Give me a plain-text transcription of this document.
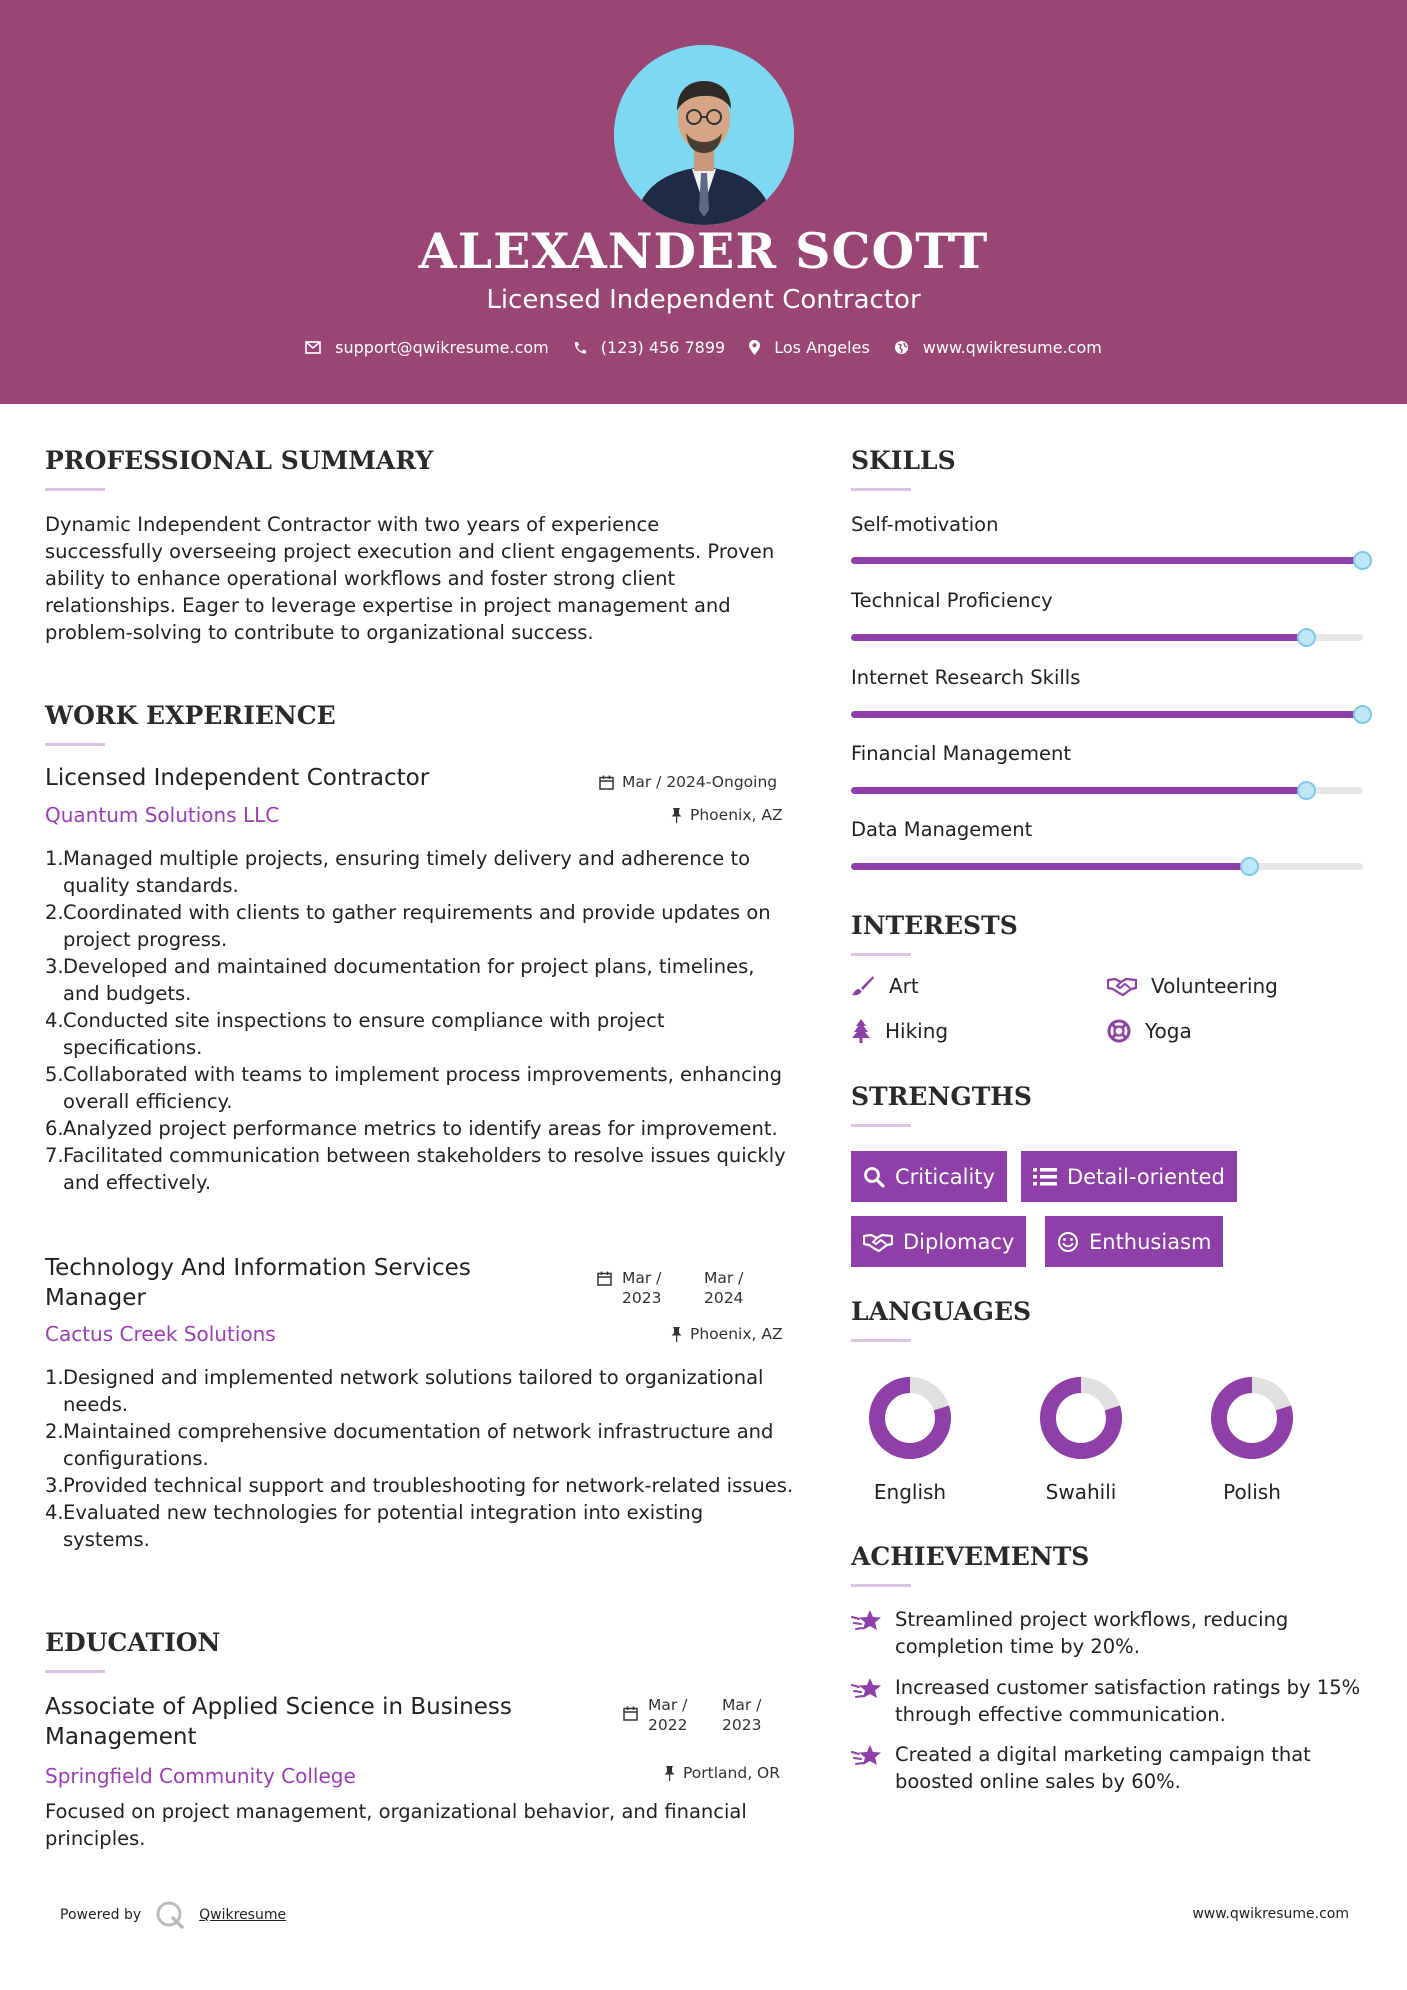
ALEXANDER SCOTT
Licensed Independent Contractor
support@qwikresume.com	(123) 456 7899	Los Angeles	www.qwikresume.com
PROFESSIONAL SUMMARY
Dynamic Independent Contractor with two years of experience successfully overseeing project execution and client engagements. Proven ability to enhance operational workflows and foster strong client relationships. Eager to leverage expertise in project management and problem-solving to contribute to organizational success.
WORK EXPERIENCE
Licensed Independent Contractor	Mar / 2024-Ongoing
Quantum Solutions LLC	Phoenix, AZ
1. Managed multiple projects, ensuring timely delivery and adherence to quality standards.
2. Coordinated with clients to gather requirements and provide updates on project progress.
3. Developed and maintained documentation for project plans, timelines, and budgets.
4. Conducted site inspections to ensure compliance with project specifications.
5. Collaborated with teams to implement process improvements, enhancing overall efficiency.
6. Analyzed project performance metrics to identify areas for improvement.
7. Facilitated communication between stakeholders to resolve issues quickly and effectively.
Technology And Information Services Manager
Mar /
2023
Mar /
2024
Cactus Creek Solutions	Phoenix, AZ
1. Designed and implemented network solutions tailored to organizational needs.
2. Maintained comprehensive documentation of network infrastructure and configurations.
3. Provided technical support and troubleshooting for network-related issues.
4. Evaluated new technologies for potential integration into existing systems.
EDUCATION
Associate of Applied Science in Business Management
Mar /
2022
Mar /
2023
Springfield Community College	Portland, OR
Focused on project management, organizational behavior, and financial principles.
SKILLS
Self-motivation
Technical Proficiency
Internet Research Skills
Financial Management
Data Management
INTERESTS
Art	Volunteering
Hiking	Yoga
STRENGTHS
Criticality	Detail-oriented
Diplomacy	Enthusiasm
LANGUAGES
English	Swahili	Polish
ACHIEVEMENTS
Streamlined project workflows, reducing completion time by 20%.
Increased customer satisfaction ratings by 15% through effective communication.
Created a digital marketing campaign that boosted online sales by 60%.
Powered by	Qwikresume	www.qwikresume.com
